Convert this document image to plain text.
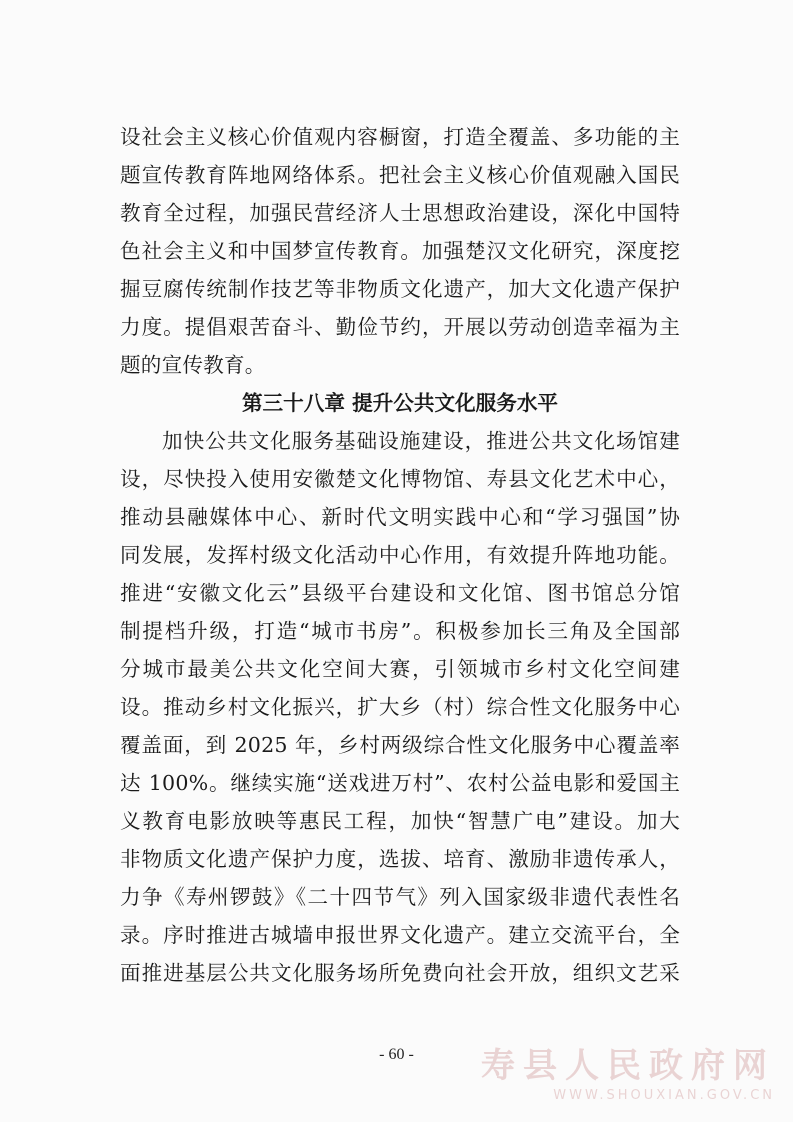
设社会主义核心价值观内容橱窗，打造全覆盖、多功能的主
题宣传教育阵地网络体系。把社会主义核心价值观融入国民
教育全过程，加强民营经济人士思想政治建设，深化中国特
色社会主义和中国梦宣传教育。加强楚汉文化研究，深度挖
掘豆腐传统制作技艺等非物质文化遗产，加大文化遗产保护
力度。提倡艰苦奋斗、勤俭节约，开展以劳动创造幸福为主
题的宣传教育。
第三十八章 提升公共文化服务水平
加快公共文化服务基础设施建设，推进公共文化场馆建
设，尽快投入使用安徽楚文化博物馆、寿县文化艺术中心，
推动县融媒体中心、新时代文明实践中心和“学习强国”协
同发展，发挥村级文化活动中心作用，有效提升阵地功能。
推进“安徽文化云”县级平台建设和文化馆、图书馆总分馆
制提档升级，打造“城市书房”。积极参加长三角及全国部
分城市最美公共文化空间大赛，引领城市乡村文化空间建
设。推动乡村文化振兴，扩大乡（村）综合性文化服务中心
覆盖面，到 2025 年，乡村两级综合性文化服务中心覆盖率
达 100%。继续实施“送戏进万村”、农村公益电影和爱国主
义教育电影放映等惠民工程，加快“智慧广电”建设。加大
非物质文化遗产保护力度，选拔、培育、激励非遗传承人，
力争《寿州锣鼓》《二十四节气》列入国家级非遗代表性名
录。序时推进古城墙申报世界文化遗产。建立交流平台，全
面推进基层公共文化服务场所免费向社会开放，组织文艺采
- 60 -	寿县人民政府网
WWW.SHOUXIAN.GOV.CN
